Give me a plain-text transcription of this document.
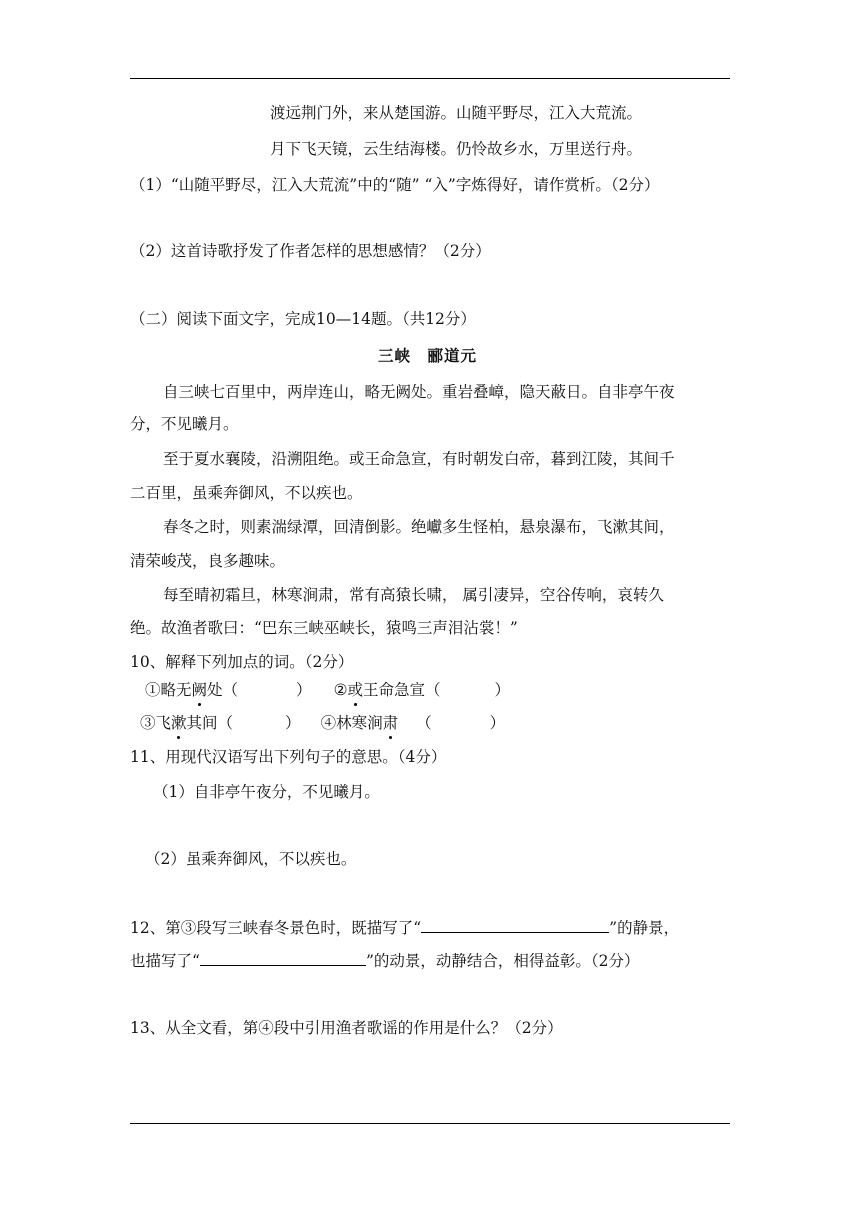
渡远荆门外，来从楚国游。山随平野尽，江入大荒流。
月下飞天镜，云生结海楼。仍怜故乡水，万里送行舟。
（1）“山随平野尽，江入大荒流”中的“随” “入”字炼得好，请作赏析。（2分）
（2）这首诗歌抒发了作者怎样的思想感情？（2分）
（二）阅读下面文字，完成10—14题。（共12分）
三峡　郦道元
自三峡七百里中，两岸连山，略无阙处。重岩叠嶂，隐天蔽日。自非亭午夜
分，不见曦月。
至于夏水襄陵，沿溯阻绝。或王命急宣，有时朝发白帝，暮到江陵，其间千
二百里，虽乘奔御风，不以疾也。
春冬之时，则素湍绿潭，回清倒影。绝巘多生怪柏，悬泉瀑布，飞漱其间，
清荣峻茂，良多趣味。
每至晴初霜旦，林寒涧肃，常有高猿长啸， 属引凄异，空谷传响，哀转久
绝。故渔者歌曰：“巴东三峡巫峡长，猿鸣三声泪沾裳！”
10、解释下列加点的词。（2分）
①略无阙处（	） ②或王命急宣（	）
③飞漱其间（	） ④林寒涧肃 （	）
11、用现代汉语写出下列句子的意思。（4分）
（1）自非亭午夜分，不见曦月。
（2）虽乘奔御风，不以疾也。
12、第③段写三峡春冬景色时，既描写了“	”的静景，
也描写了“	”的动景，动静结合，相得益彰。（2分）
13、从全文看，第④段中引用渔者歌谣的作用是什么？（2分）
